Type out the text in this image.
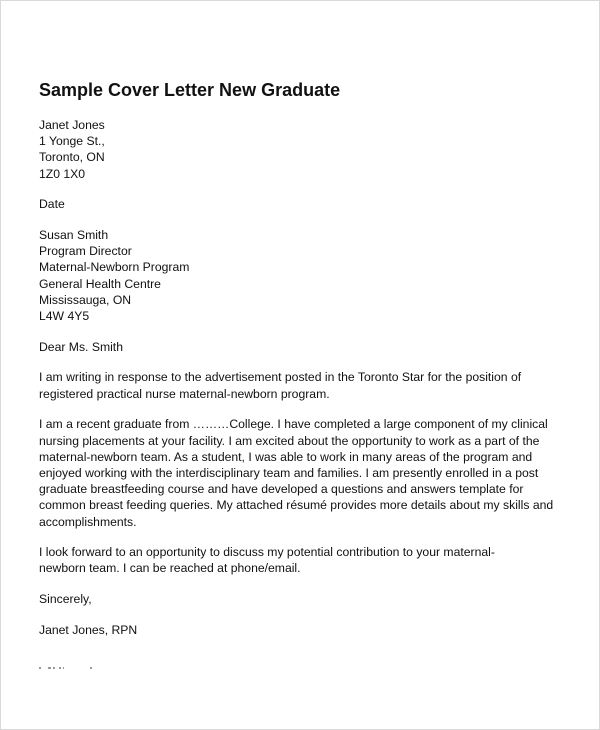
Sample Cover Letter New Graduate
Janet Jones
1 Yonge St.,
Toronto, ON
1Z0 1X0
Date
Susan Smith
Program Director
Maternal-Newborn Program
General Health Centre
Mississauga, ON
L4W 4Y5
Dear Ms. Smith
I am writing in response to the advertisement posted in the Toronto Star for the position of
registered practical nurse maternal-newborn program.
I am a recent graduate from ………College. I have completed a large component of my clinical
nursing placements at your facility. I am excited about the opportunity to work as a part of the
maternal-newborn team. As a student, I was able to work in many areas of the program and
enjoyed working with the interdisciplinary team and families. I am presently enrolled in a post
graduate breastfeeding course and have developed a questions and answers template for
common breast feeding queries. My attached résumé provides more details about my skills and
accomplishments.
I look forward to an opportunity to discuss my potential contribution to your maternal-
newborn team. I can be reached at phone/email.
Sincerely,
Janet Jones, RPN
